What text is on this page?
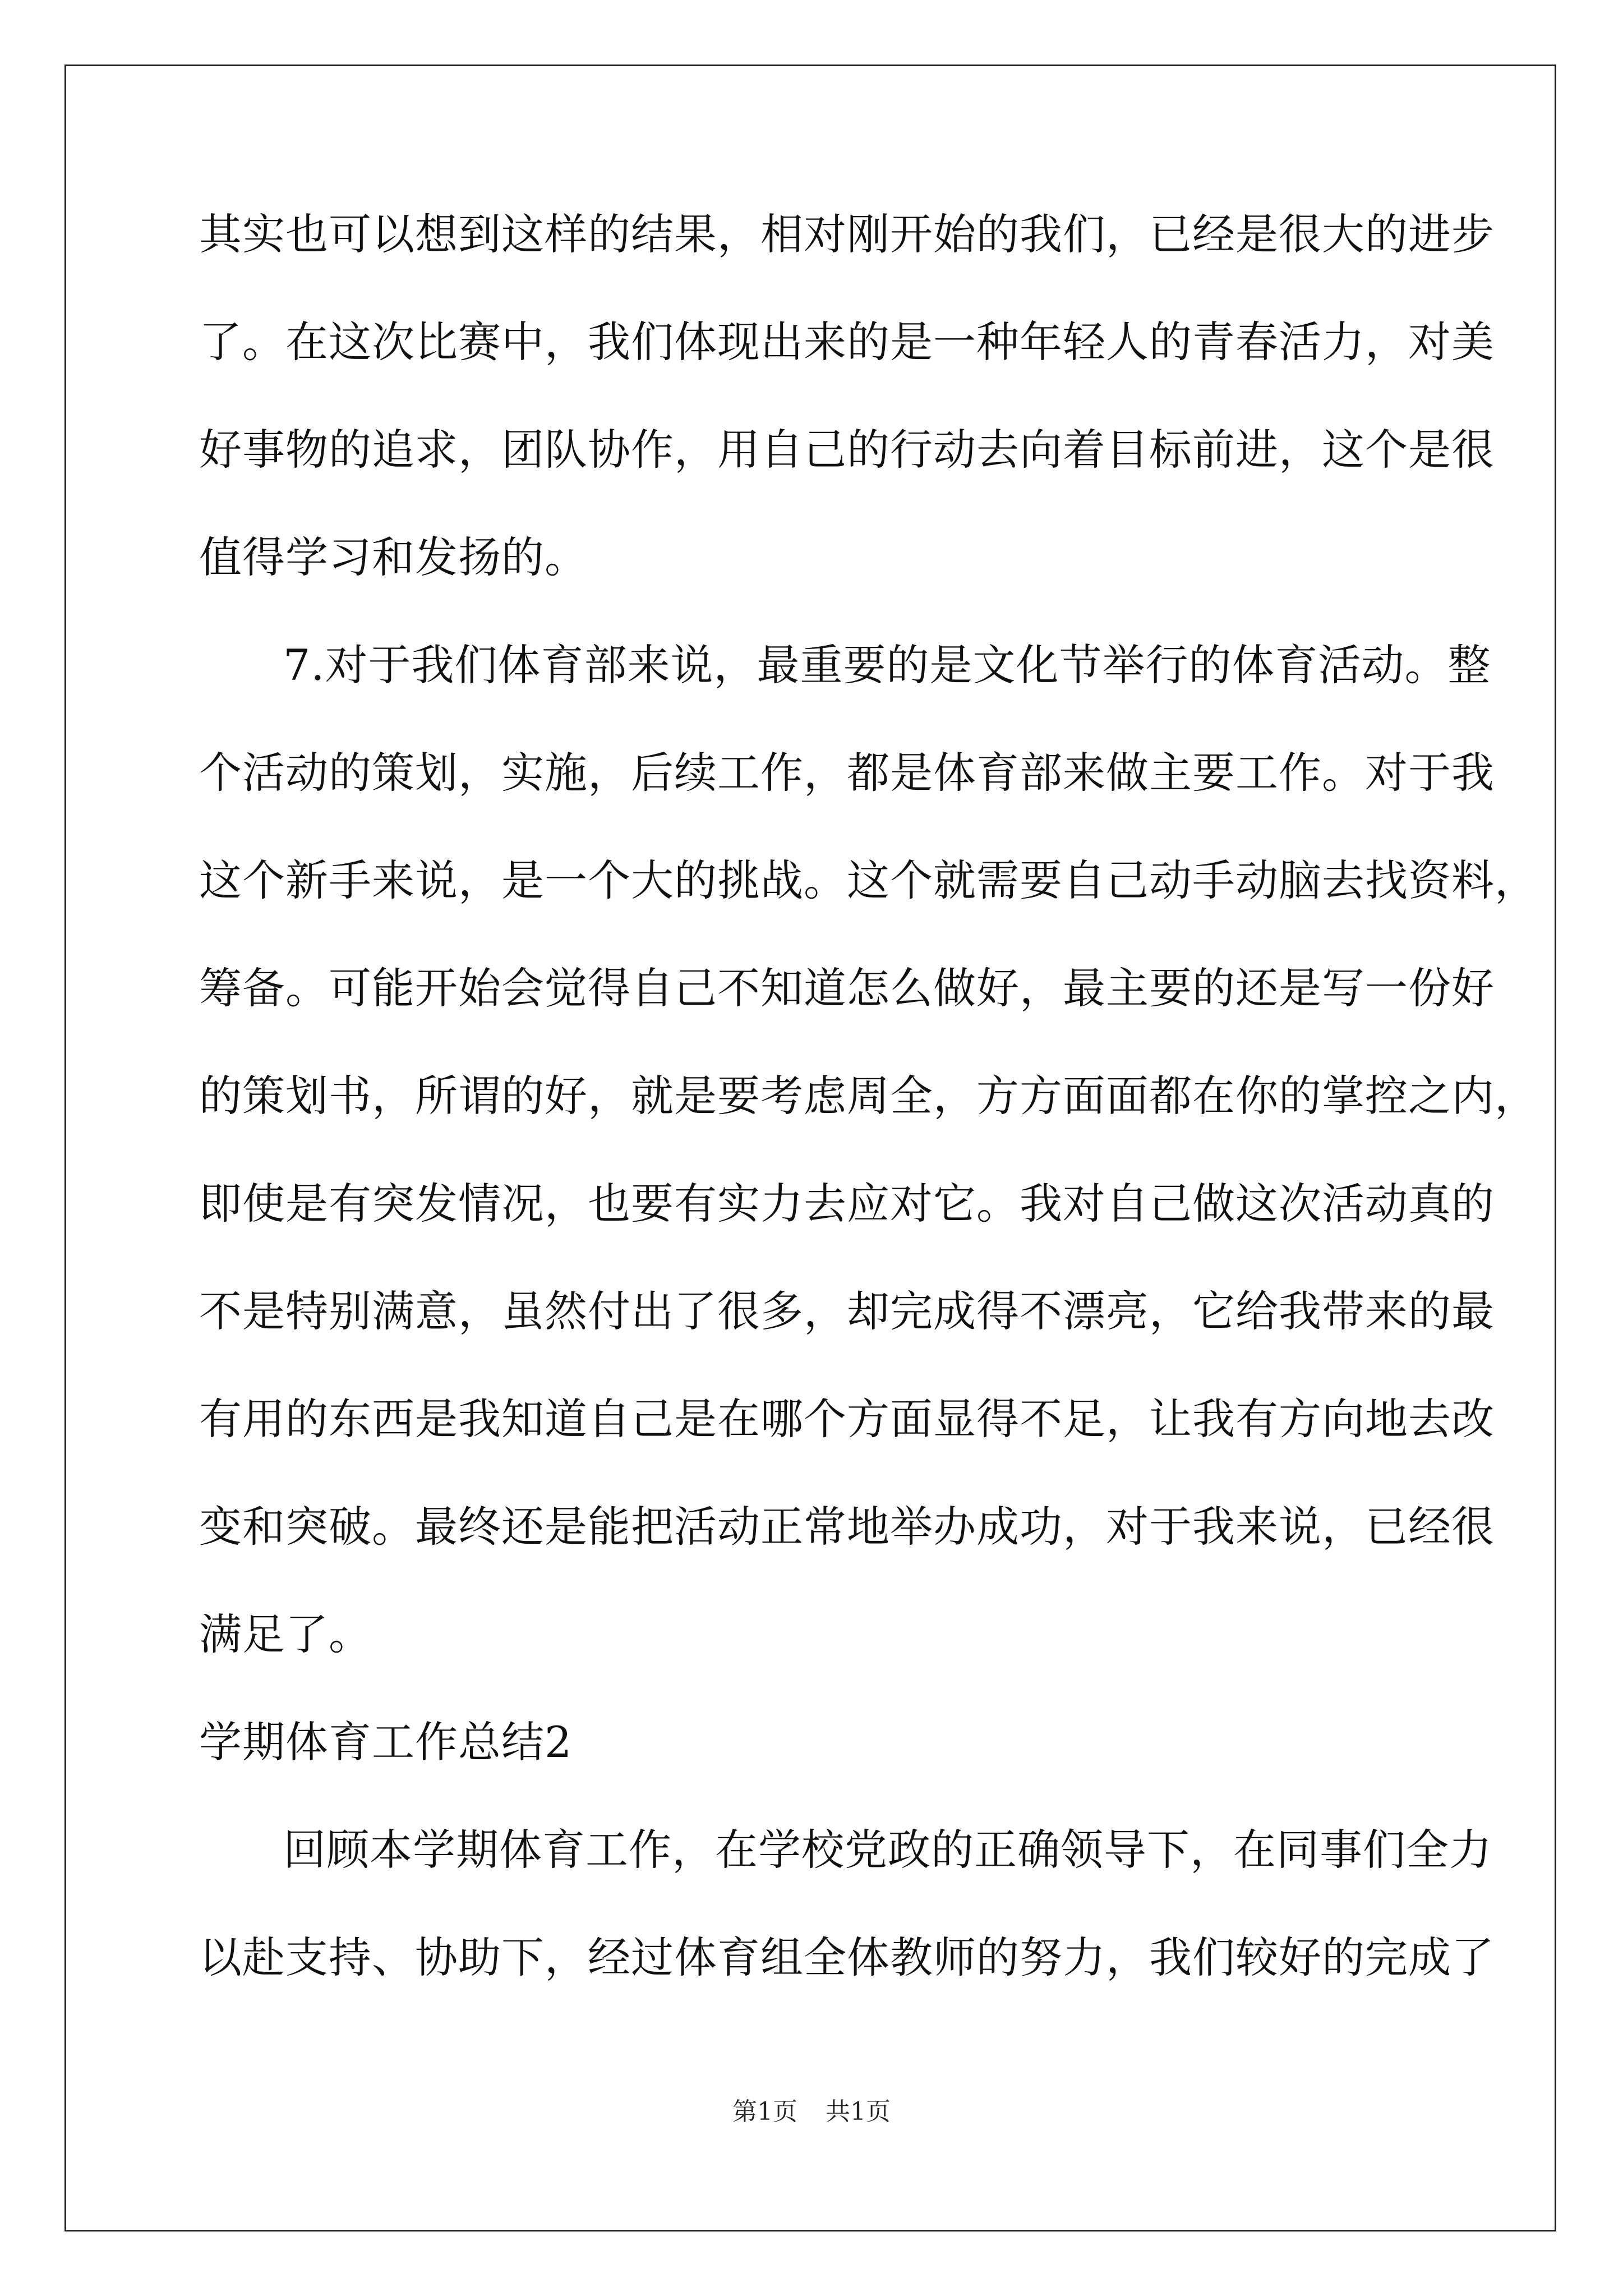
其实也可以想到这样的结果，相对刚开始的我们，已经是很大的进步
了。在这次比赛中，我们体现出来的是一种年轻人的青春活力，对美
好事物的追求，团队协作，用自己的行动去向着目标前进，这个是很
值得学习和发扬的。
7.对于我们体育部来说，最重要的是文化节举行的体育活动。整
个活动的策划，实施，后续工作，都是体育部来做主要工作。对于我
这个新手来说，是一个大的挑战。这个就需要自己动手动脑去找资料，
筹备。可能开始会觉得自己不知道怎么做好，最主要的还是写一份好
的策划书，所谓的好，就是要考虑周全，方方面面都在你的掌控之内，
即使是有突发情况，也要有实力去应对它。我对自己做这次活动真的
不是特别满意，虽然付出了很多，却完成得不漂亮，它给我带来的最
有用的东西是我知道自己是在哪个方面显得不足，让我有方向地去改
变和突破。最终还是能把活动正常地举办成功，对于我来说，已经很
满足了。
学期体育工作总结2
回顾本学期体育工作，在学校党政的正确领导下，在同事们全力
以赴支持、协助下，经过体育组全体教师的努力，我们较好的完成了
第1页 共1页
